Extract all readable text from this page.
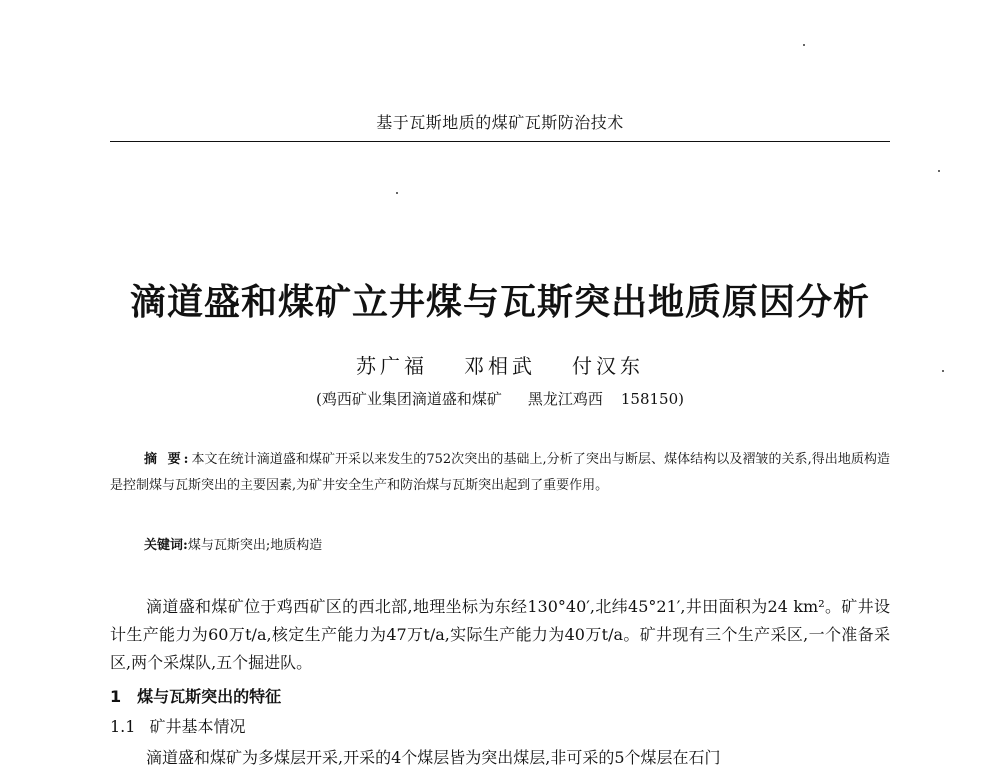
基于瓦斯地质的煤矿瓦斯防治技术
滴道盛和煤矿立井煤与瓦斯突出地质原因分析
苏广福 邓相武 付汉东
(鸡西矿业集团滴道盛和煤矿 黑龙江鸡西 158150)
摘 要:本文在统计滴道盛和煤矿开采以来发生的752次突出的基础上,分析了突出与断层、煤体结构以及褶皱的关系,得出地质构造是控制煤与瓦斯突出的主要因素,为矿井安全生产和防治煤与瓦斯突出起到了重要作用。
关键词:煤与瓦斯突出;地质构造

滴道盛和煤矿位于鸡西矿区的西北部,地理坐标为东经130°40′,北纬45°21′,井田面积为24 km²。矿井设计生产能力为60万t/a,核定生产能力为47万t/a,实际生产能力为40万t/a。矿井现有三个生产采区,一个准备采区,两个采煤队,五个掘进队。

1 煤与瓦斯突出的特征
1.1 矿井基本情况
滴道盛和煤矿为多煤层开采,开采的4个煤层皆为突出煤层,非可采的5个煤层在石门
